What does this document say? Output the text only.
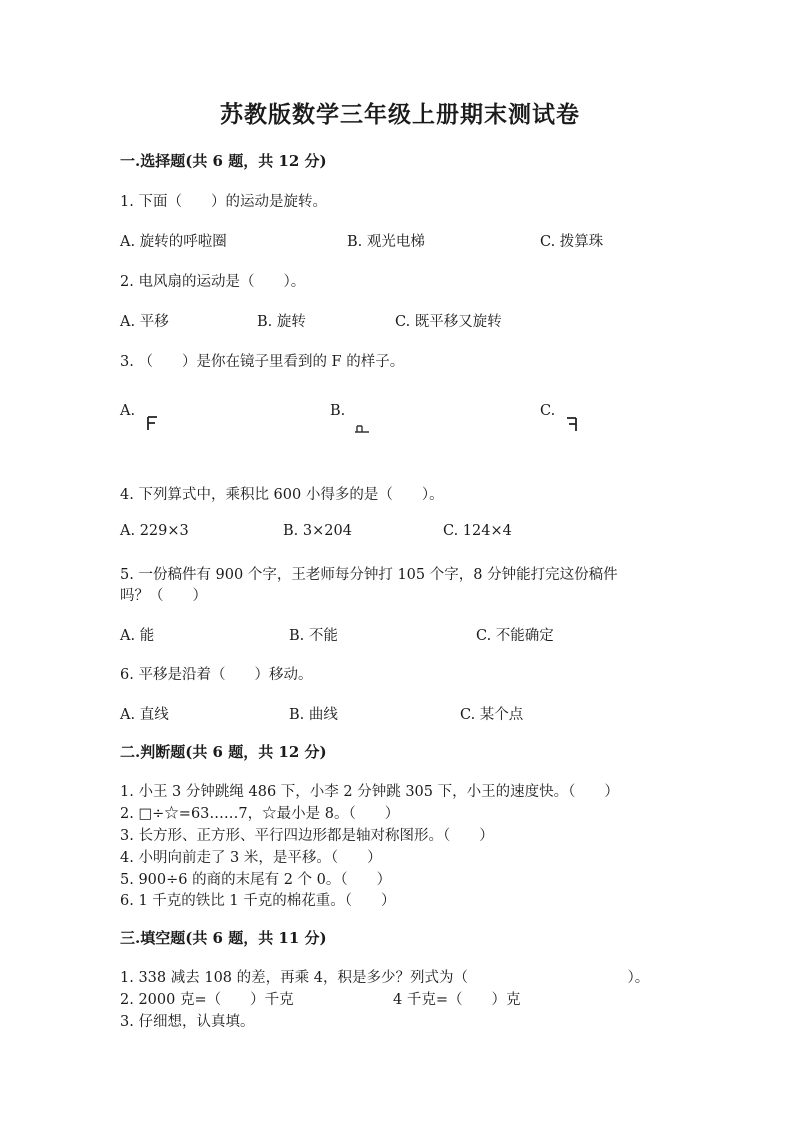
苏教版数学三年级上册期末测试卷
一.选择题(共 6 题，共 12 分)
1. 下面（　　）的运动是旋转。
A. 旋转的呼啦圈	B. 观光电梯	C. 拨算珠
2. 电风扇的运动是（　　）。
A. 平移	B. 旋转	C. 既平移又旋转
3. （　　）是你在镜子里看到的 F 的样子。
A.	B.	C.
4. 下列算式中，乘积比 600 小得多的是（　　）。
A. 229×3	B. 3×204	C. 124×4
5. 一份稿件有 900 个字，王老师每分钟打 105 个字，8 分钟能打完这份稿件
吗？（　　）
A. 能	B. 不能	C. 不能确定
6. 平移是沿着（　　）移动。
A. 直线	B. 曲线	C. 某个点
二.判断题(共 6 题，共 12 分)
1. 小王 3 分钟跳绳 486 下，小李 2 分钟跳 305 下，小王的速度快。（　　）
2. □÷☆=63……7，☆最小是 8。（　　）
3. 长方形、正方形、平行四边形都是轴对称图形。（　　）
4. 小明向前走了 3 米，是平移。（　　）
5. 900÷6 的商的末尾有 2 个 0。（　　）
6. 1 千克的铁比 1 千克的棉花重。（　　）
三.填空题(共 6 题，共 11 分)
1. 338 减去 108 的差，再乘 4，积是多少？列式为（　　　　　　　　　　　）。
2. 2000 克=（　　）千克	4 千克=（　　）克
3. 仔细想，认真填。
